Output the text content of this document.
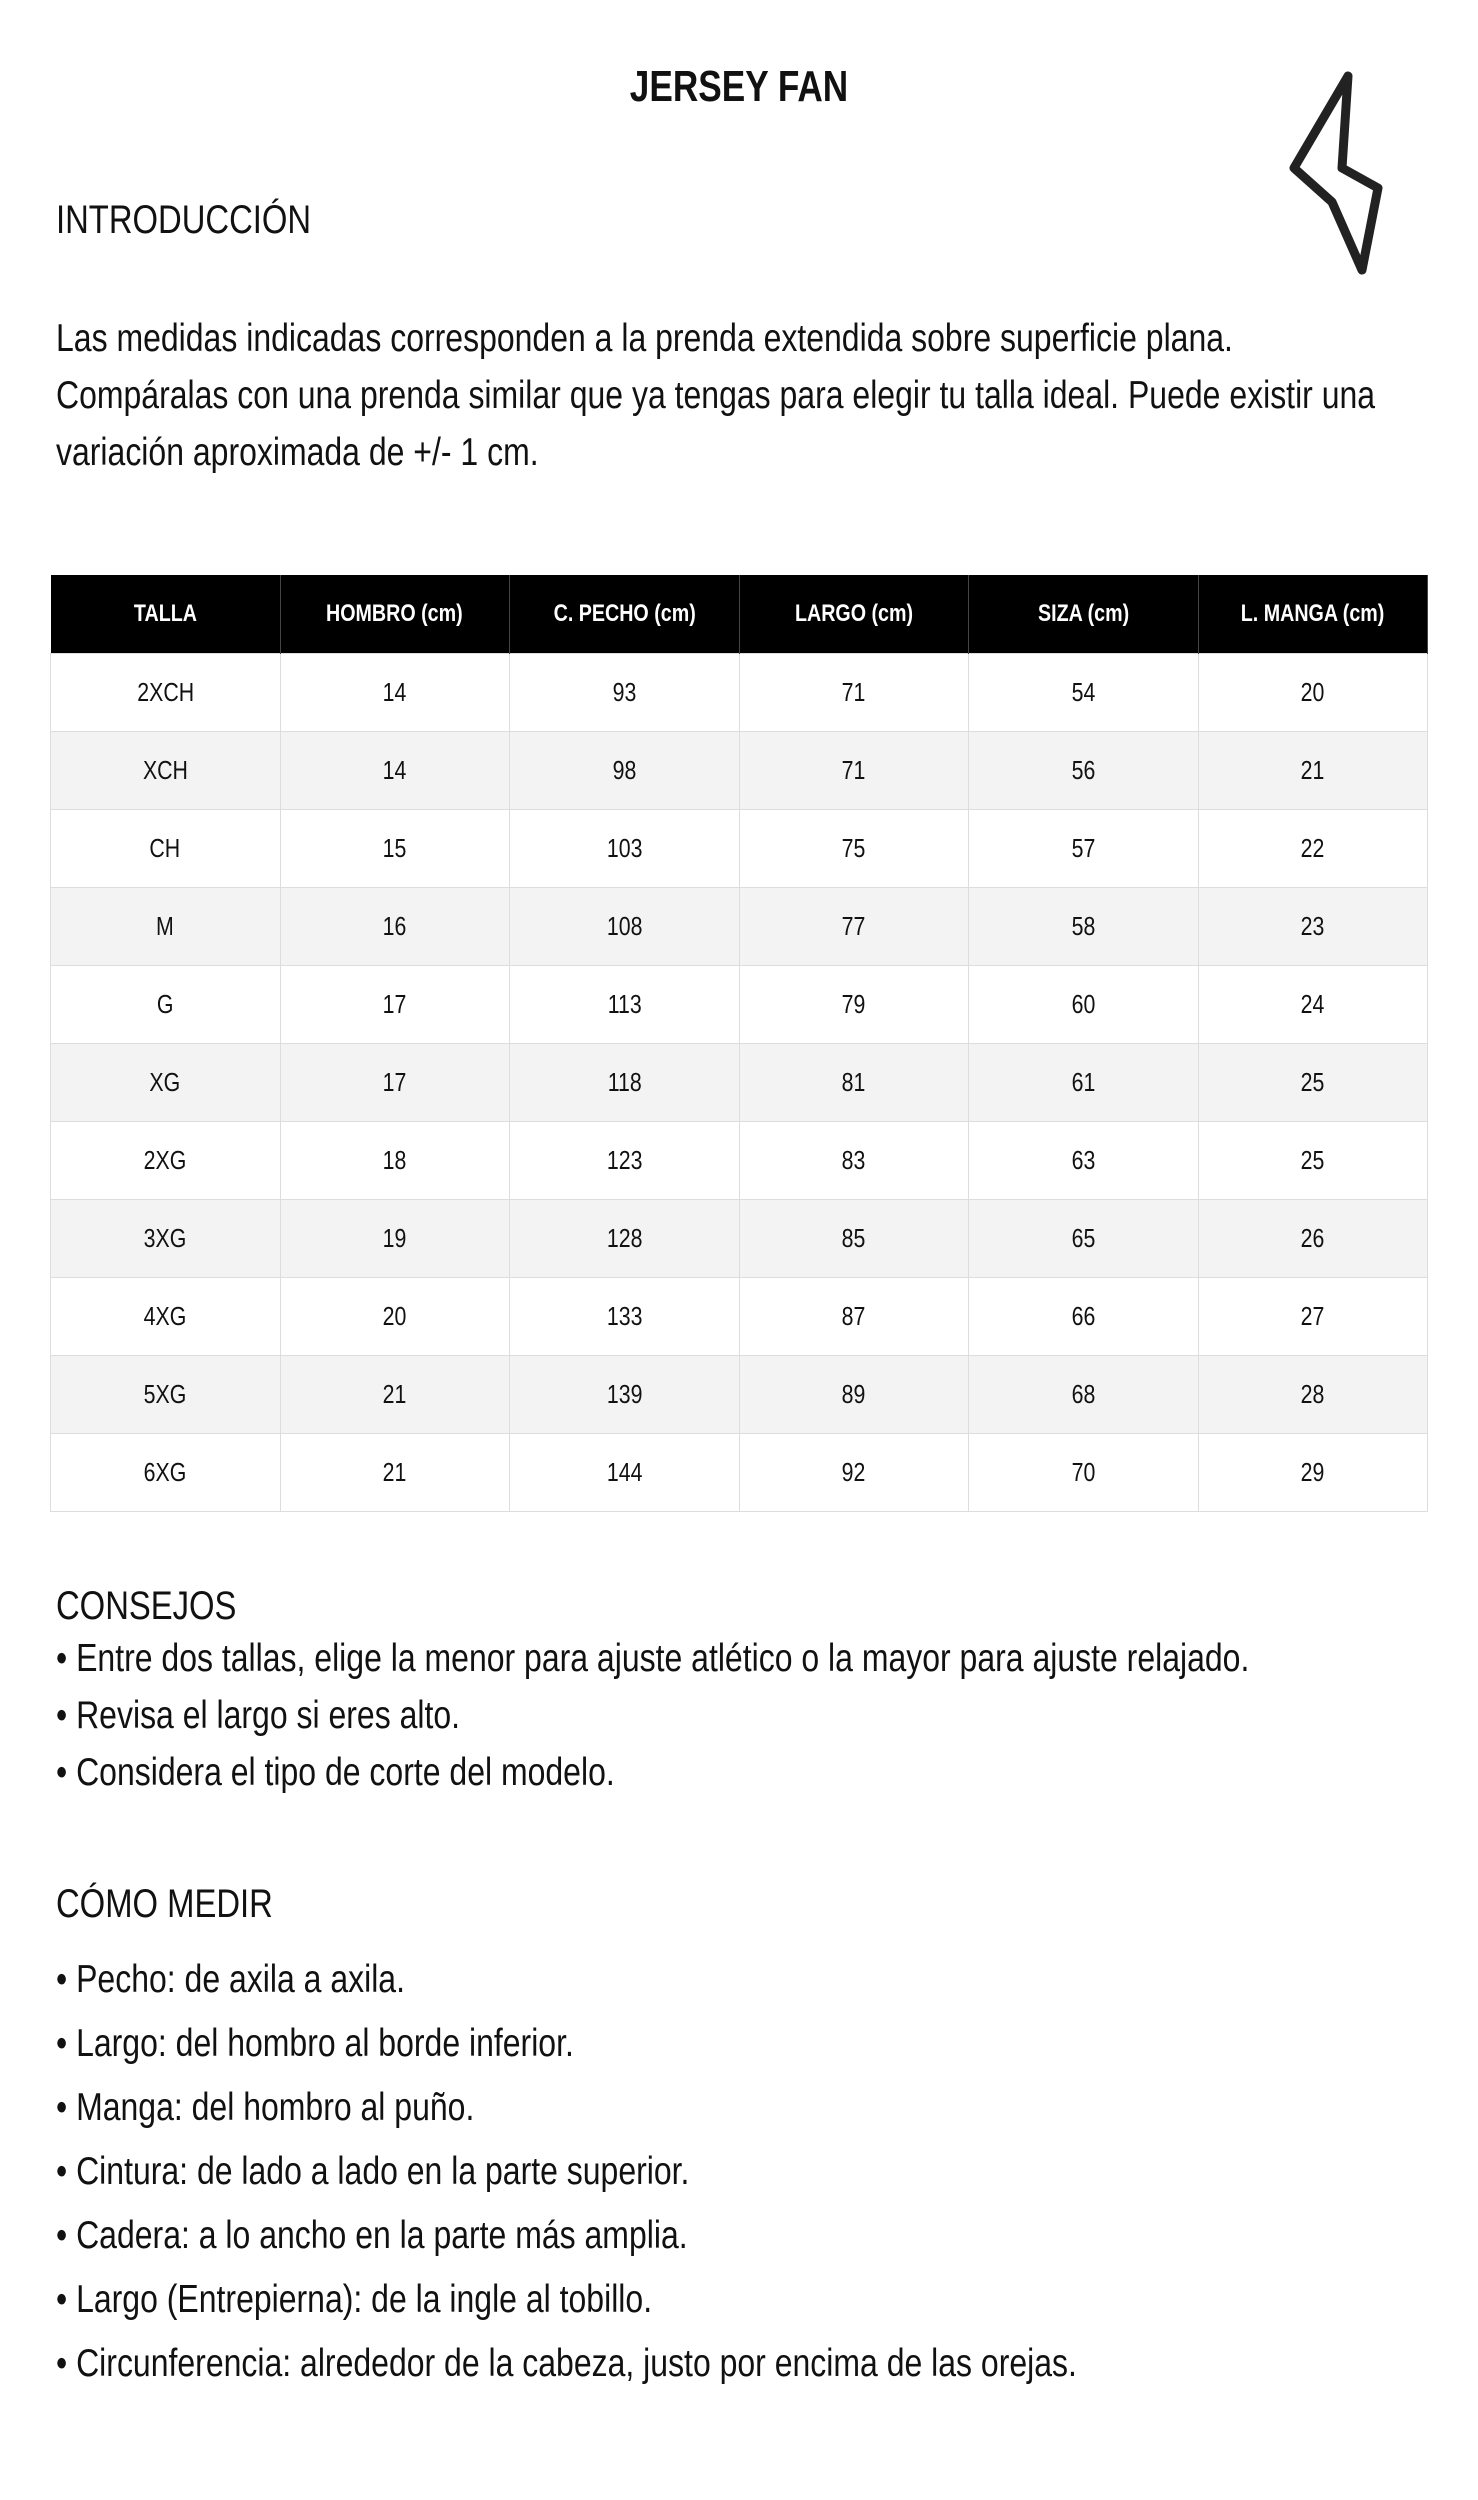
JERSEY FAN
INTRODUCCIÓN

Las medidas indicadas corresponden a la prenda extendida sobre superficie plana.

Compáralas con una prenda similar que ya tengas para elegir tu talla ideal. Puede existir una

variación aproximada de +/- 1 cm.

TALLA	HOMBRO (cm)	C. PECHO (cm)	LARGO (cm)	SIZA (cm)	L. MANGA (cm)
2XCH	14	93	71	54	20
XCH	14	98	71	56	21
CH	15	103	75	57	22
M	16	108	77	58	23
G	17	113	79	60	24
XG	17	118	81	61	25
2XG	18	123	83	63	25
3XG	19	128	85	65	26
4XG	20	133	87	66	27
5XG	21	139	89	68	28
6XG	21	144	92	70	29
CONSEJOS
• Entre dos tallas, elige la menor para ajuste atlético o la mayor para ajuste relajado.
• Revisa el largo si eres alto.
• Considera el tipo de corte del modelo.
CÓMO MEDIR
• Pecho: de axila a axila.
• Largo: del hombro al borde inferior.
• Manga: del hombro al puño.
• Cintura: de lado a lado en la parte superior.
• Cadera: a lo ancho en la parte más amplia.
• Largo (Entrepierna): de la ingle al tobillo.
• Circunferencia: alrededor de la cabeza, justo por encima de las orejas.
